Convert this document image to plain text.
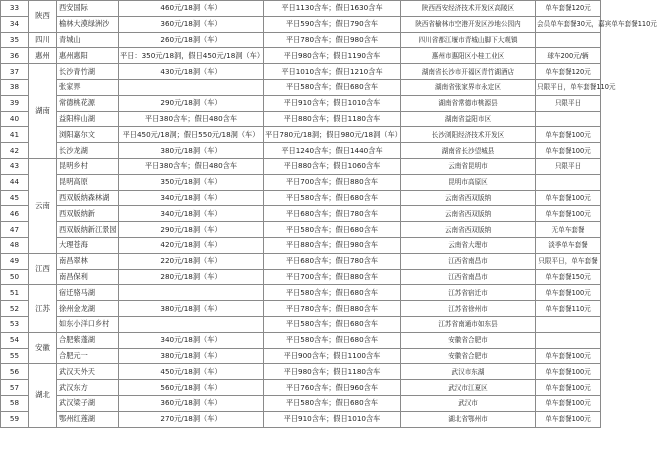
33	陕西	西安国际	460元/18洞（车）	平日1130含车；假日1630含车	陕西西安经济技术开发区高陵区	单车套餐120元
34		榆林大漠绿洲沙	360元/18洞（车）	平日590含车；假日790含车	陕西省榆林市空港开发区沙地公园内	会员单车套餐30元，嘉宾单车套餐110元
35	四川	青城山	260元/18洞（车）	平日780含车；假日980含车	四川省都江堰市青城山脚下大观镇	
36	惠州	惠州惠阳	平日：350元/18洞，假日450元/18洞（车）	平日980含车；假日1190含车	惠州市惠阳区小桂工业区	球车200元/辆
37	湖南	长沙青竹湖	430元/18洞（车）	平日1010含车；假日1210含车	湖南省长沙市开福区青竹湖酒店	单车套餐120元
38		张家界		平日580含车；假日680含车	湖南省张家界市永定区	只限平日，单车套餐110元
39		常德桃花源	290元/18洞（车）	平日910含车；假日1010含车	湖南省常德市桃源县	只限平日
40		益阳梓山湖	平日380含车；假日480含车	平日880含车；假日1180含车	湖南省益阳市区	
41		浏阳嘉尔文	平日450元/18洞；假日550元/18洞（车）	平日780元/18洞；假日980元/18洞（车）	长沙浏阳经济技术开发区	单车套餐100元
42		长沙龙湖	380元/18洞（车）	平日1240含车；假日1440含车	湖南省长沙望城县	单车套餐100元
43	云南	昆明乡村	平日380含车；假日480含车	平日880含车；假日1060含车	云南省昆明市	只限平日
44		昆明高原	350元/18洞（车）	平日700含车；假日880含车	昆明市高原区	
45		西双版纳森林湖	340元/18洞（车）	平日580含车；假日680含车	云南省西双版纳	单车套餐100元
46		西双版纳新	340元/18洞（车）	平日680含车；假日780含车	云南省西双版纳	单车套餐100元
47		西双版纳新江景园	290元/18洞（车）	平日580含车；假日680含车	云南省西双版纳	无单车套餐
48		大理苍海	420元/18洞（车）	平日880含车；假日980含车	云南省大理市	淡季单车套餐
49	江西	南昌翠林	220元/18洞（车）	平日680含车；假日780含车	江西省南昌市	只限平日，单车套餐
50		南昌保利	280元/18洞（车）	平日700含车；假日880含车	江西省南昌市	单车套餐150元
51	江苏	宿迁骆马湖		平日580含车；假日680含车	江苏省宿迁市	单车套餐100元
52		徐州金龙湖	380元/18洞（车）	平日780含车；假日880含车	江苏省徐州市	单车套餐110元
53		如东小洋口乡村		平日580含车；假日680含车	江苏省南通市如东县	
54	安徽	合肥紫蓬湖	340元/18洞（车）	平日580含车；假日680含车	安徽省合肥市	
55		合肥元一	380元/18洞（车）	平日900含车；假日1100含车	安徽省合肥市	单车套餐100元
56	湖北	武汉天外天	450元/18洞（车）	平日980含车；假日1180含车	武汉市东湖	单车套餐100元
57		武汉东方	560元/18洞（车）	平日760含车；假日960含车	武汉市江夏区	单车套餐100元
58		武汉梁子湖	360元/18洞（车）	平日580含车；假日680含车	武汉市	单车套餐100元
59		鄂州红莲湖	270元/18洞（车）	平日910含车；假日1010含车	湖北省鄂州市	单车套餐100元
